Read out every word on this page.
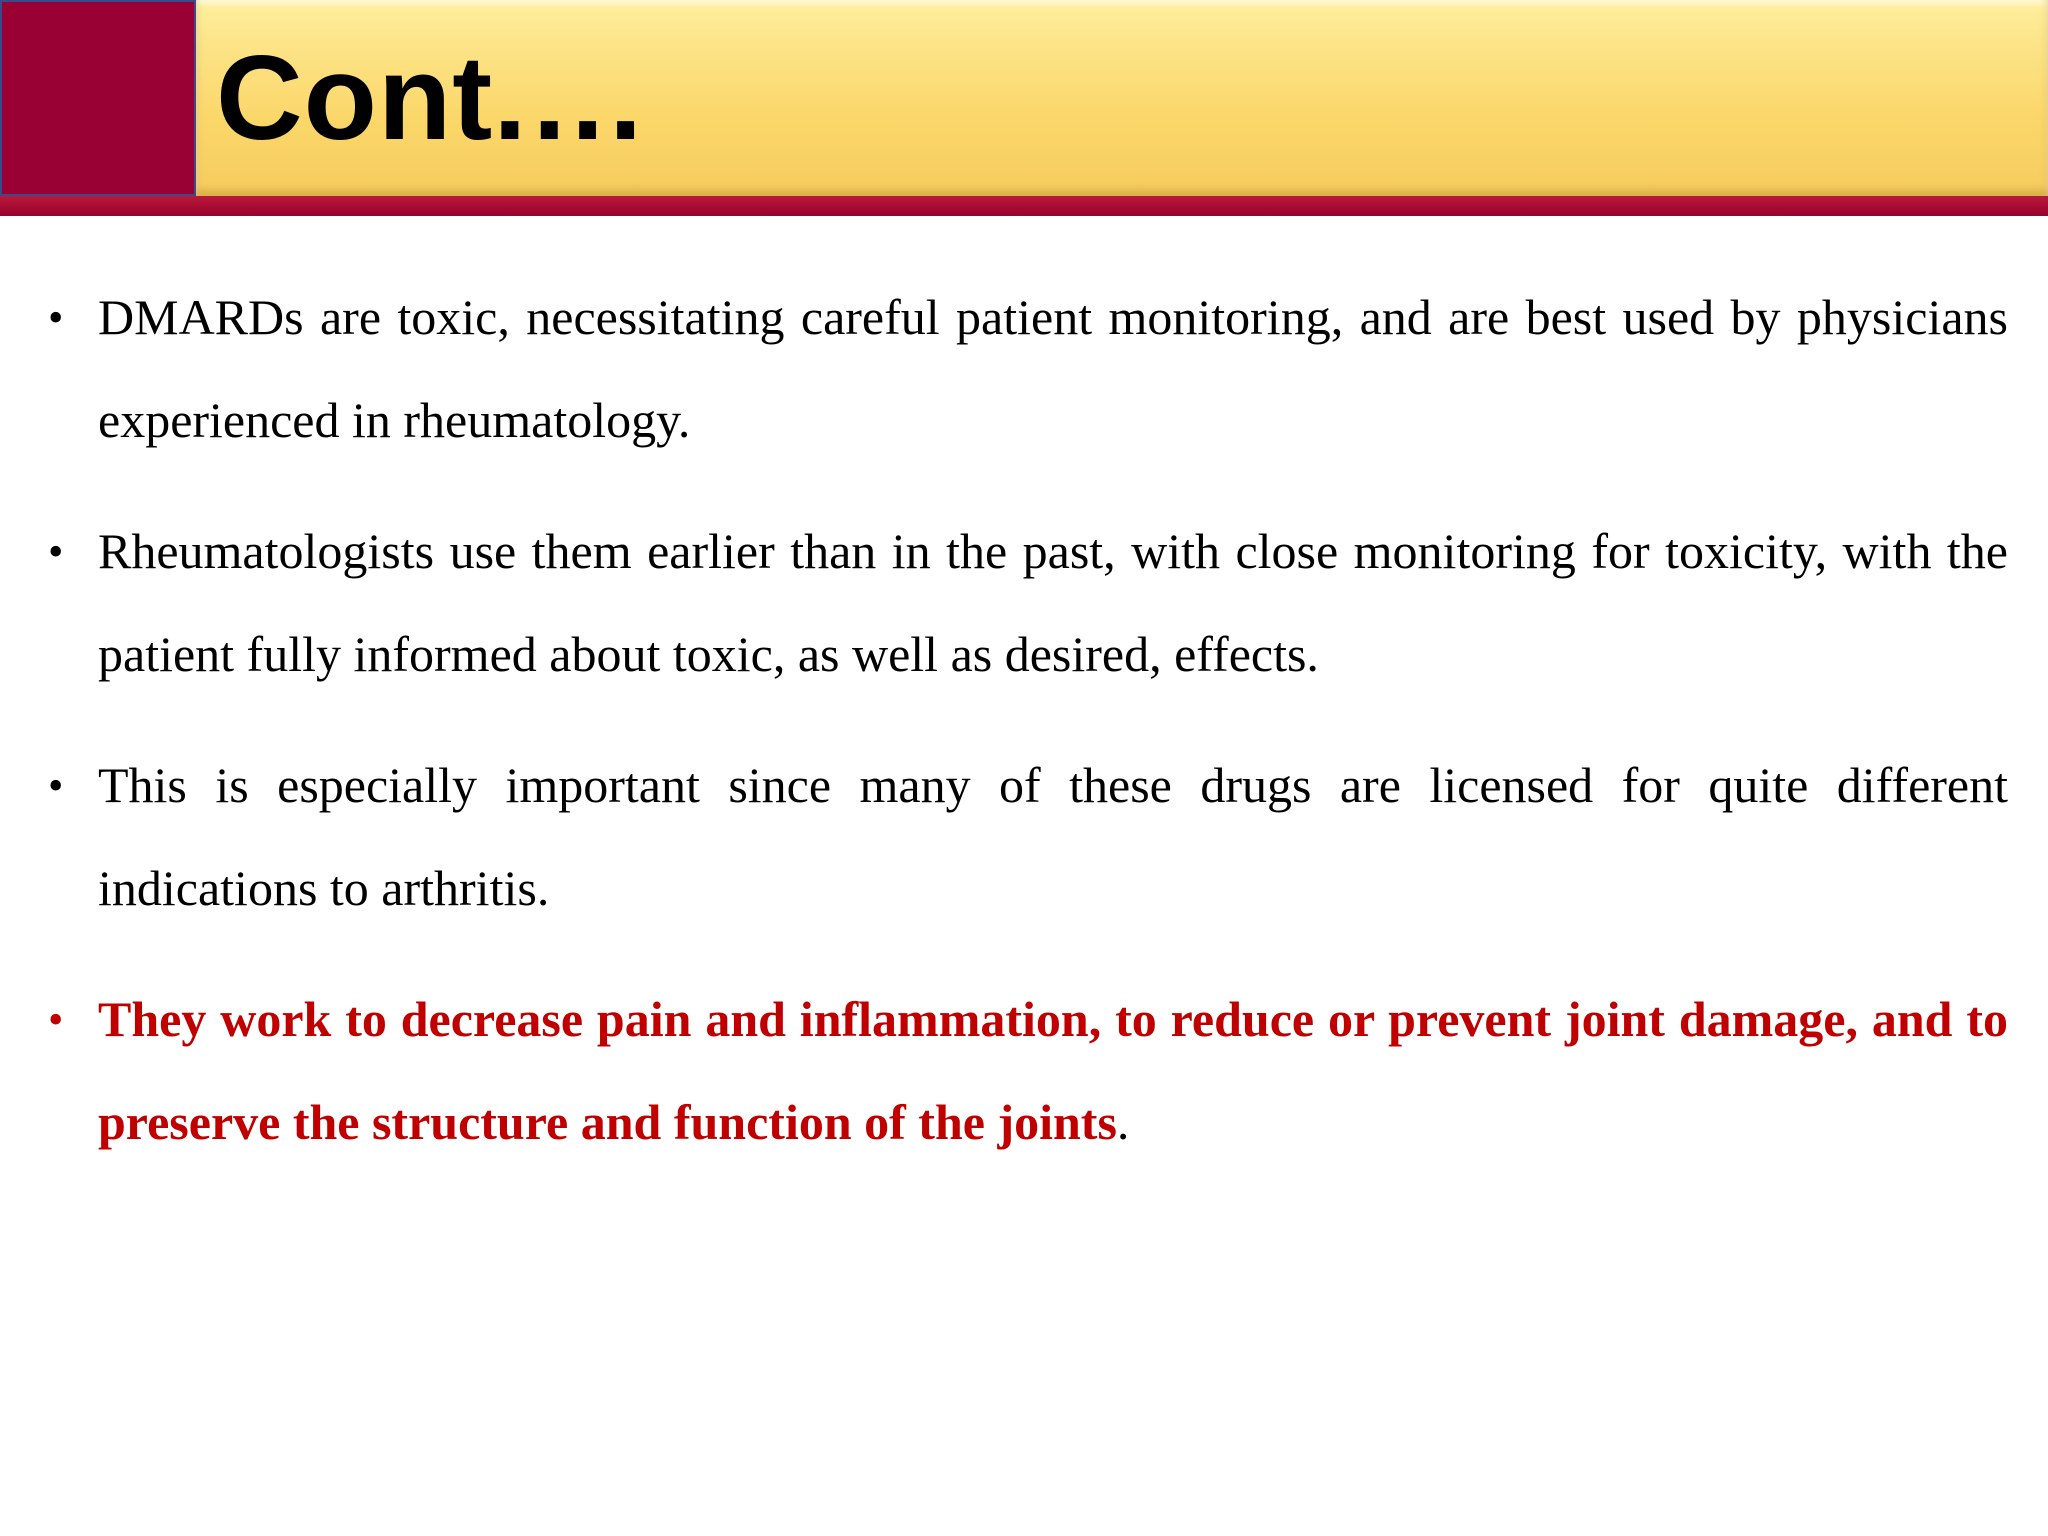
Cont.…
• DMARDs are toxic, necessitating careful patient monitoring, and are best used by physicians experienced in rheumatology.
• Rheumatologists use them earlier than in the past, with close monitoring for toxicity, with the patient fully informed about toxic, as well as desired, effects.
• This is especially important since many of these drugs are licensed for quite different indications to arthritis.
• They work to decrease pain and inflammation, to reduce or prevent joint damage, and to preserve the structure and function of the joints.
